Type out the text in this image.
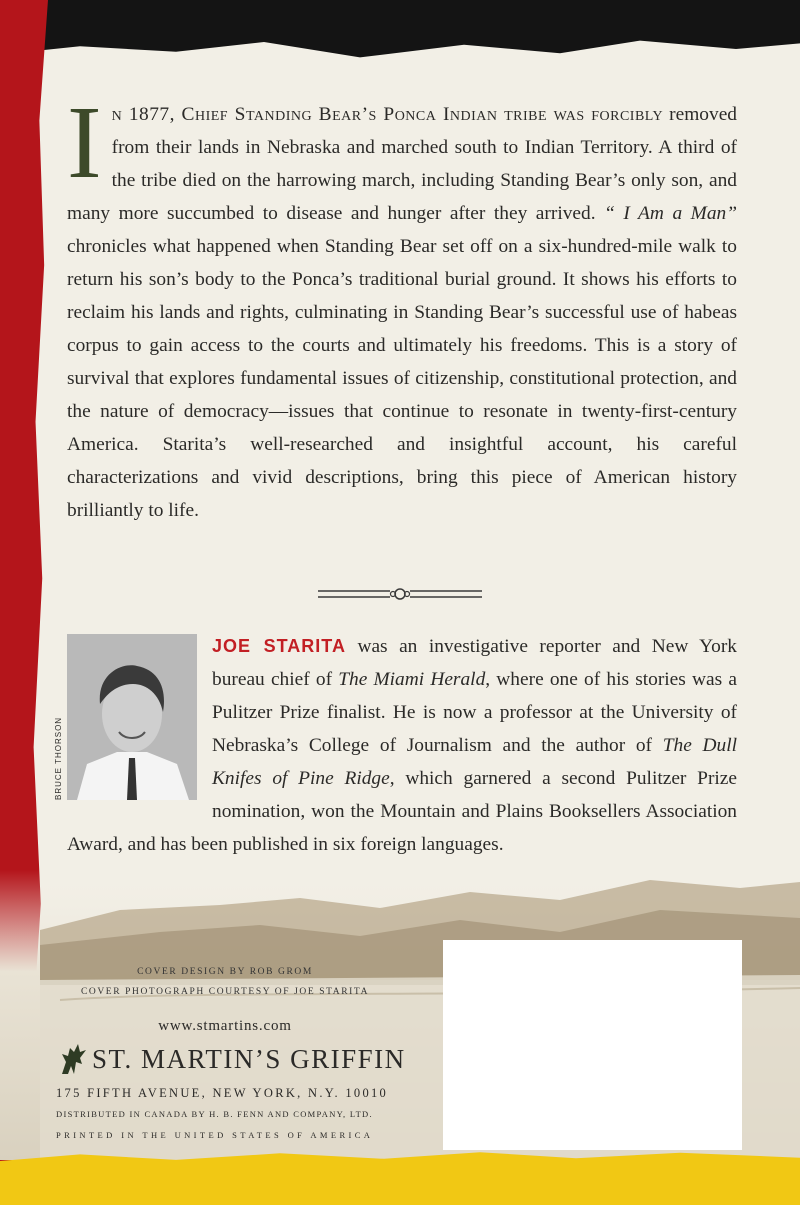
In 1877, Chief Standing Bear’s Ponca Indian tribe was forcibly removed from their lands in Nebraska and marched south to Indian Territory. A third of the tribe died on the harrowing march, including Standing Bear’s only son, and many more succumbed to disease and hunger after they arrived. “ I Am a Man” chronicles what happened when Standing Bear set off on a six-hundred-mile walk to return his son’s body to the Ponca’s traditional burial ground. It shows his efforts to reclaim his lands and rights, culminating in Standing Bear’s successful use of habeas corpus to gain access to the courts and ultimately his freedoms. This is a story of survival that explores fundamental issues of citizenship, constitutional protection, and the nature of democracy—issues that continue to resonate in twenty-first-century America. Starita’s well-researched and insightful account, his careful characterizations and vivid descriptions, bring this piece of American history brilliantly to life.

BRUCE THORSON

JOE STARITA was an investigative reporter and New York bureau chief of The Miami Herald, where one of his stories was a Pulitzer Prize finalist. He is now a professor at the University of Nebraska’s College of Journalism and the author of The Dull Knifes of Pine Ridge, which garnered a second Pulitzer Prize nomination, won the Mountain and Plains Booksellers Association Award, and has been published in six foreign languages.

COVER DESIGN BY ROB GROM
COVER PHOTOGRAPH COURTESY OF JOE STARITA
www.stmartins.com
ST. MARTIN’S GRIFFIN
175 FIFTH AVENUE, NEW YORK, N.Y. 10010
DISTRIBUTED IN CANADA BY H. B. FENN AND COMPANY, LTD.
PRINTED IN THE UNITED STATES OF AMERICA
